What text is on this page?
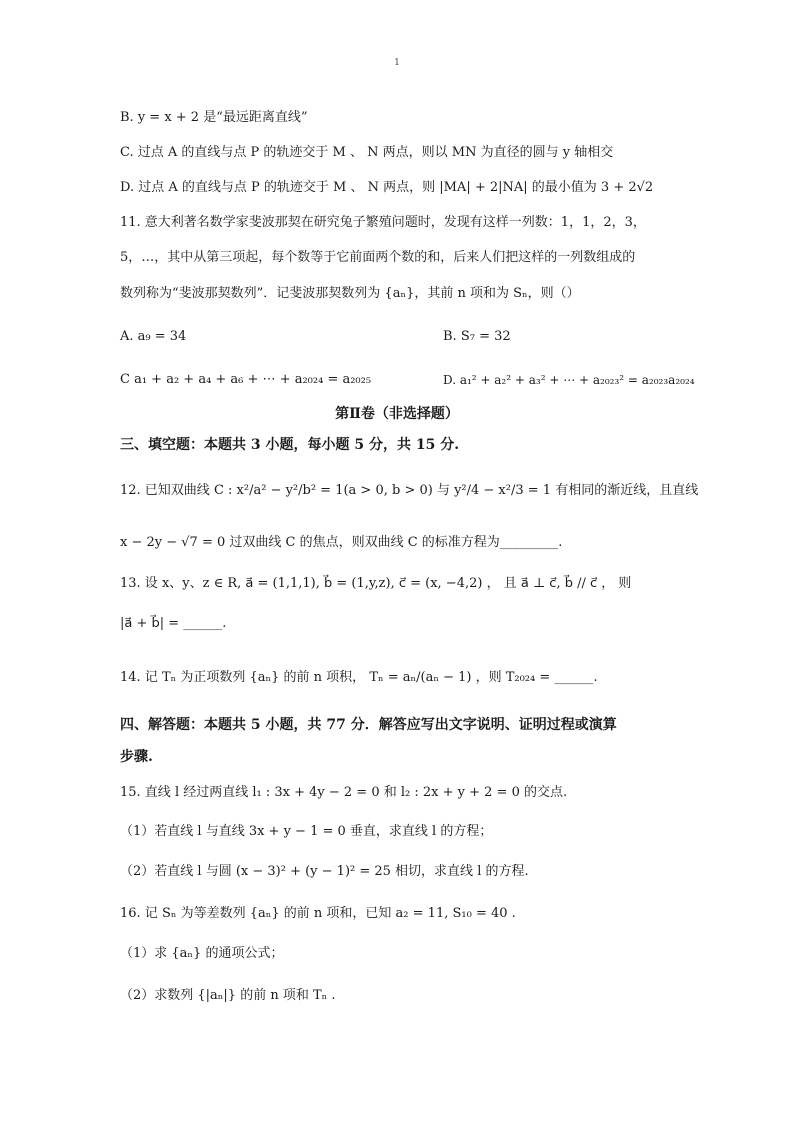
1
B. y = x + 2 是“最远距离直线”
C. 过点 A 的直线与点 P 的轨迹交于 M 、 N 两点，则以 MN 为直径的圆与 y 轴相交
D. 过点 A 的直线与点 P 的轨迹交于 M 、 N 两点，则 |MA| + 2|NA| 的最小值为 3 + 2√2
11. 意大利著名数学家斐波那契在研究兔子繁殖问题时，发现有这样一列数：1，1，2，3，
5，…，其中从第三项起，每个数等于它前面两个数的和，后来人们把这样的一列数组成的
数列称为“斐波那契数列”．记斐波那契数列为 {aₙ}，其前 n 项和为 Sₙ，则（）
A. a₉ = 34	B. S₇ = 32
C a₁ + a₂ + a₄ + a₆ + ⋯ + a₂₀₂₄ = a₂₀₂₅	D. a₁² + a₂² + a₃² + ⋯ + a₂₀₂₃² = a₂₀₂₃a₂₀₂₄
第Ⅱ卷（非选择题）
三、填空题：本题共 3 小题，每小题 5 分，共 15 分.
12. 已知双曲线 C : x²/a² − y²/b² = 1(a > 0, b > 0) 与 y²/4 − x²/3 = 1 有相同的渐近线，且直线
x − 2y − √7 = 0 过双曲线 C 的焦点，则双曲线 C 的标准方程为_________.
13. 设 x、y、z ∈ R, a⃗ = (1,1,1), b⃗ = (1,y,z), c⃗ = (x, −4,2) ， 且 a⃗ ⊥ c⃗, b⃗ // c⃗ ， 则
|a⃗ + b⃗| = ______.
14. 记 Tₙ 为正项数列 {aₙ} 的前 n 项积， Tₙ = aₙ/(aₙ − 1) ，则 T₂₀₂₄ = ______.
四、解答题：本题共 5 小题，共 77 分．解答应写出文字说明、证明过程或演算
步骤.
15. 直线 l 经过两直线 l₁ : 3x + 4y − 2 = 0 和 l₂ : 2x + y + 2 = 0 的交点.
（1）若直线 l 与直线 3x + y − 1 = 0 垂直，求直线 l 的方程；
（2）若直线 l 与圆 (x − 3)² + (y − 1)² = 25 相切，求直线 l 的方程.
16. 记 Sₙ 为等差数列 {aₙ} 的前 n 项和，已知 a₂ = 11, S₁₀ = 40 .
（1）求 {aₙ} 的通项公式；
（2）求数列 {|aₙ|} 的前 n 项和 Tₙ .
